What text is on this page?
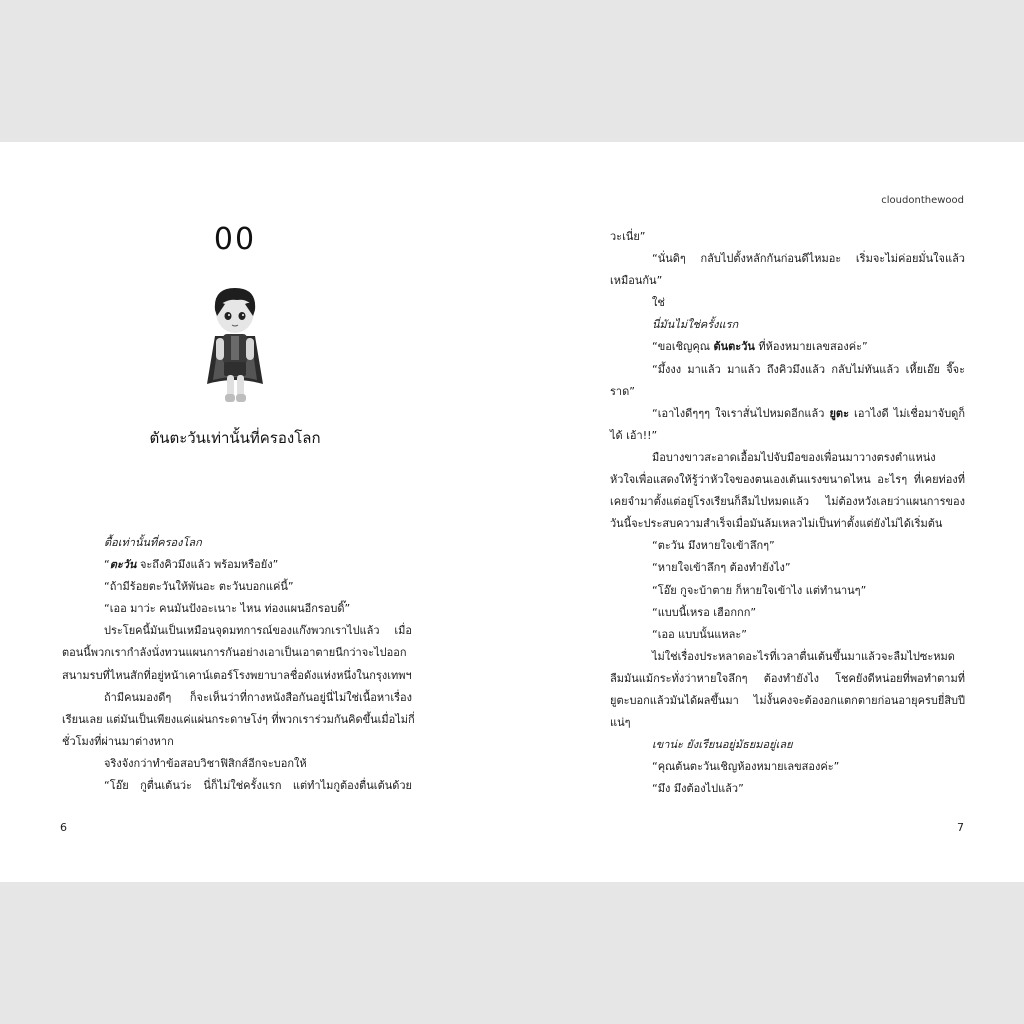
00
ตันตะวันเท่านั้นที่ครองโลก
ตื้อเท่านั้นที่ครองโลก
“ตะวัน จะถึงคิวมึงแล้ว พร้อมหรือยัง”
“ถ้ามีร้อยตะวันให้พันอะ ตะวันบอกแค่นี้”
“เออ มาว่ะ คนมันปังอะเนาะ ไหน ท่องแผนอีกรอบดิ๊”
ประโยคนี้มันเป็นเหมือนจุดมทการณ์ของแก๊งพวกเราไปแล้ว เมื่อ
ตอนนี้พวกเรากำลังนั่งทวนแผนการกันอย่างเอาเป็นเอาตายนีกว่าจะไปออก
สนามรบที่ไหนสักที่อยู่หน้าเคาน์เตอร์โรงพยาบาลชื่อดังแห่งหนึ่งในกรุงเทพฯ
ถ้ามีคนมองดีๆ ก็จะเห็นว่าที่กางหนังสือกันอยู่นี่ไม่ใช่เนื้อหาเรื่อง
เรียนเลย แต่มันเป็นเพียงแค่แผ่นกระดาษโง่ๆ ที่พวกเราร่วมกันคิดขึ้นเมื่อไม่กี่
ชั่วโมงที่ผ่านมาต่างหาก
จริงจังกว่าทำข้อสอบวิชาฟิสิกส์อีกจะบอกให้
“โอ๊ย กูตื่นเต้นว่ะ นี่ก็ไม่ใช่ครั้งแรก แต่ทำไมกูต้องตื่นเต้นด้วย
6
cloudonthewood
วะเนี่ย”
“นั่นดิๆ กลับไปตั้งหลักกันก่อนดีไหมอะ เริ่มจะไม่ค่อยมั่นใจแล้ว
เหมือนกัน”
ใช่
นี่มันไม่ใช่ครั้งแรก
“ขอเชิญคุณ ต้นตะวัน ที่ห้องหมายเลขสองค่ะ”
“มึ้งงง มาแล้ว มาแล้ว ถึงคิวมึงแล้ว กลับไม่ทันแล้ว เหี้ยเอ๊ย จี๊จะ
ราด”
“เอาไงดีๆๆๆ ใจเราสั่นไปหมดอีกแล้ว ยูตะ เอาไงดี ไม่เชื่อมาจับดูก็
ได้ เอ้า!!”
มือบางขาวสะอาดเอื้อมไปจับมือของเพื่อนมาวางตรงตำแหน่ง
หัวใจเพื่อแสดงให้รู้ว่าหัวใจของตนเองเต้นแรงขนาดไหน อะไรๆ ที่เคยท่องที่
เคยจำมาตั้งแต่อยู่โรงเรียนก็ลืมไปหมดแล้ว ไม่ต้องหวังเลยว่าแผนการของ
วันนี้จะประสบความสำเร็จเมื่อมันล้มเหลวไม่เป็นท่าตั้งแต่ยังไม่ได้เริ่มต้น
“ตะวัน มึงหายใจเข้าลึกๆ”
“หายใจเข้าลึกๆ ต้องทำยังไง”
“โอ๊ย กูจะบ้าตาย ก็หายใจเข้าไง แต่ทำนานๆ”
“แบบนี้เหรอ เฮือกกก”
“เออ แบบนั้นแหละ”
ไม่ใช่เรื่องประหลาดอะไรที่เวลาตื่นเต้นขึ้นมาแล้วจะลืมไปซะหมด
ลืมมันแม้กระทั่งว่าหายใจลึกๆ ต้องทำยังไง โชคยังดีหน่อยที่พอทำตามที่
ยูตะบอกแล้วมันได้ผลขึ้นมา ไม่งั้นคงจะต้องอกแตกตายก่อนอายุครบยี่สิบปี
แน่ๆ
เขาน่ะ ยังเรียนอยู่มัธยมอยู่เลย
“คุณต้นตะวันเชิญห้องหมายเลขสองค่ะ”
“มึง มึงต้องไปแล้ว”
7
